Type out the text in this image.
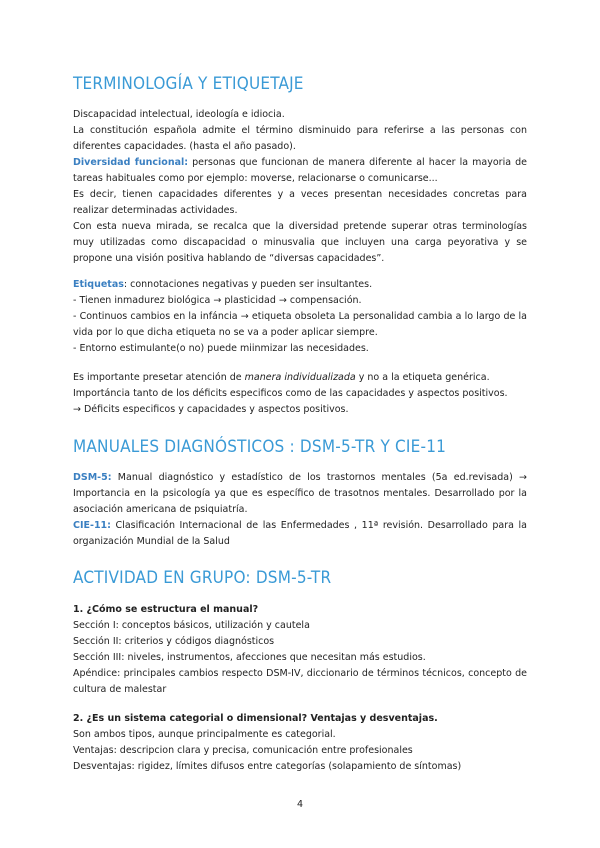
TERMINOLOGÍA Y ETIQUETAJE

Discapacidad intelectual, ideología e idiocia.

La constitución española admite el término disminuido para referirse a las personas con diferentes capacidades. (hasta el año pasado).

Diversidad funcional: personas que funcionan de manera diferente al hacer la mayoria de tareas habituales como por ejemplo: moverse, relacionarse o comunicarse...

Es decir, tienen capacidades diferentes y a veces presentan necesidades concretas para realizar determinadas actividades.

Con esta nueva mirada, se recalca que la diversidad pretende superar otras terminologías muy utilizadas como discapacidad o minusvalia que incluyen una carga peyorativa y se propone una visión positiva hablando de “diversas capacidades”.

Etiquetas: connotaciones negativas y pueden ser insultantes.

- Tienen inmadurez biológica → plasticidad → compensación.

- Continuos cambios en la infáncia → etiqueta obsoleta La personalidad cambia a lo largo de la vida por lo que dicha etiqueta no se va a poder aplicar siempre.

- Entorno estimulante(o no) puede miinmizar las necesidades.

Es importante presetar atención de manera individualizada y no a la etiqueta genérica.

Importáncia tanto de los déficits especificos como de las capacidades y aspectos positivos.

→ Déficits especificos y capacidades y aspectos positivos.

MANUALES DIAGNÓSTICOS : DSM-5-TR Y CIE-11

DSM-5: Manual diagnóstico y estadístico de los trastornos mentales (5a ed.revisada) → Importancia en la psicología ya que es específico de trasotnos mentales. Desarrollado por la asociación americana de psiquiatría.

CIE-11: Clasificación Internacional de las Enfermedades , 11ª revisión. Desarrollado para la organización Mundial de la Salud

ACTIVIDAD EN GRUPO: DSM-5-TR

1. ¿Cómo se estructura el manual?

Sección I: conceptos básicos, utilización y cautela

Sección II: criterios y códigos diagnósticos

Sección III: niveles, instrumentos, afecciones que necesitan más estudios.

Apéndice: principales cambios respecto DSM-IV, diccionario de términos técnicos, concepto de cultura de malestar

2. ¿Es un sistema categorial o dimensional? Ventajas y desventajas.

Son ambos tipos, aunque principalmente es categorial.

Ventajas: descripcion clara y precisa, comunicación entre profesionales

Desventajas: rigidez, límites difusos entre categorías (solapamiento de síntomas)

4
